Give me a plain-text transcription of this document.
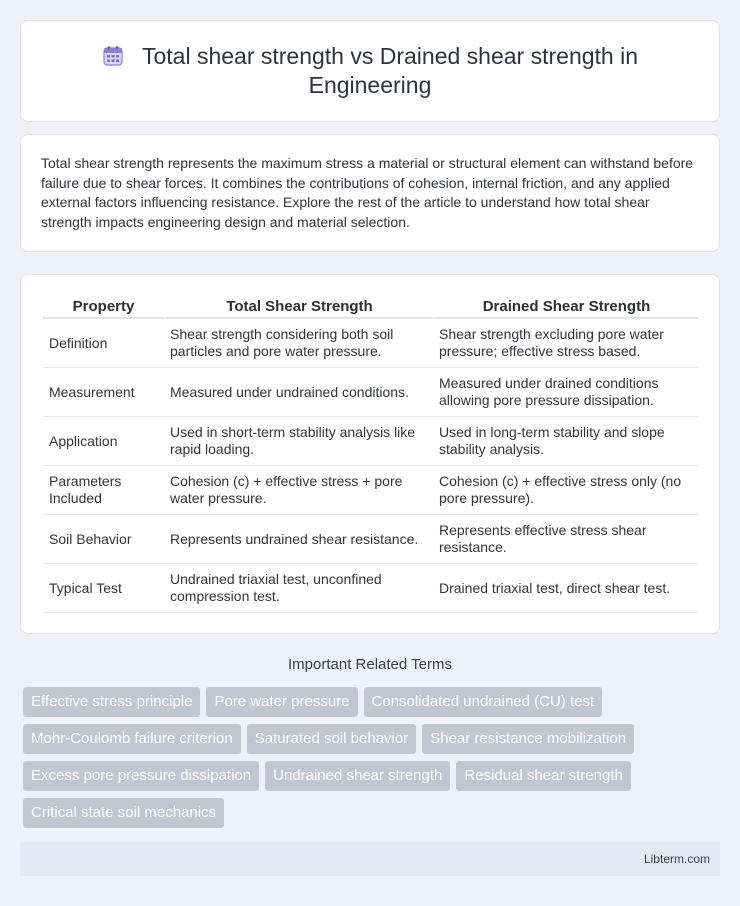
Total shear strength vs Drained shear strength in Engineering

Total shear strength represents the maximum stress a material or structural element can withstand before failure due to shear forces. It combines the contributions of cohesion, internal friction, and any applied external factors influencing resistance. Explore the rest of the article to understand how total shear strength impacts engineering design and material selection.

Property	Total Shear Strength	Drained Shear Strength
Definition	Shear strength considering both soil particles and pore water pressure.	Shear strength excluding pore water pressure; effective stress based.
Measurement	Measured under undrained conditions.	Measured under drained conditions allowing pore pressure dissipation.
Application	Used in short-term stability analysis like rapid loading.	Used in long-term stability and slope stability analysis.
Parameters Included	Cohesion (c) + effective stress + pore water pressure.	Cohesion (c) + effective stress only (no pore pressure).
Soil Behavior	Represents undrained shear resistance.	Represents effective stress shear resistance.
Typical Test	Undrained triaxial test, unconfined compression test.	Drained triaxial test, direct shear test.
Important Related Terms
Effective stress principle	Pore water pressure	Consolidated undrained (CU) test
Mohr-Coulomb failure criterion	Saturated soil behavior	Shear resistance mobilization
Excess pore pressure dissipation	Undrained shear strength	Residual shear strength
Critical state soil mechanics
Libterm.com
